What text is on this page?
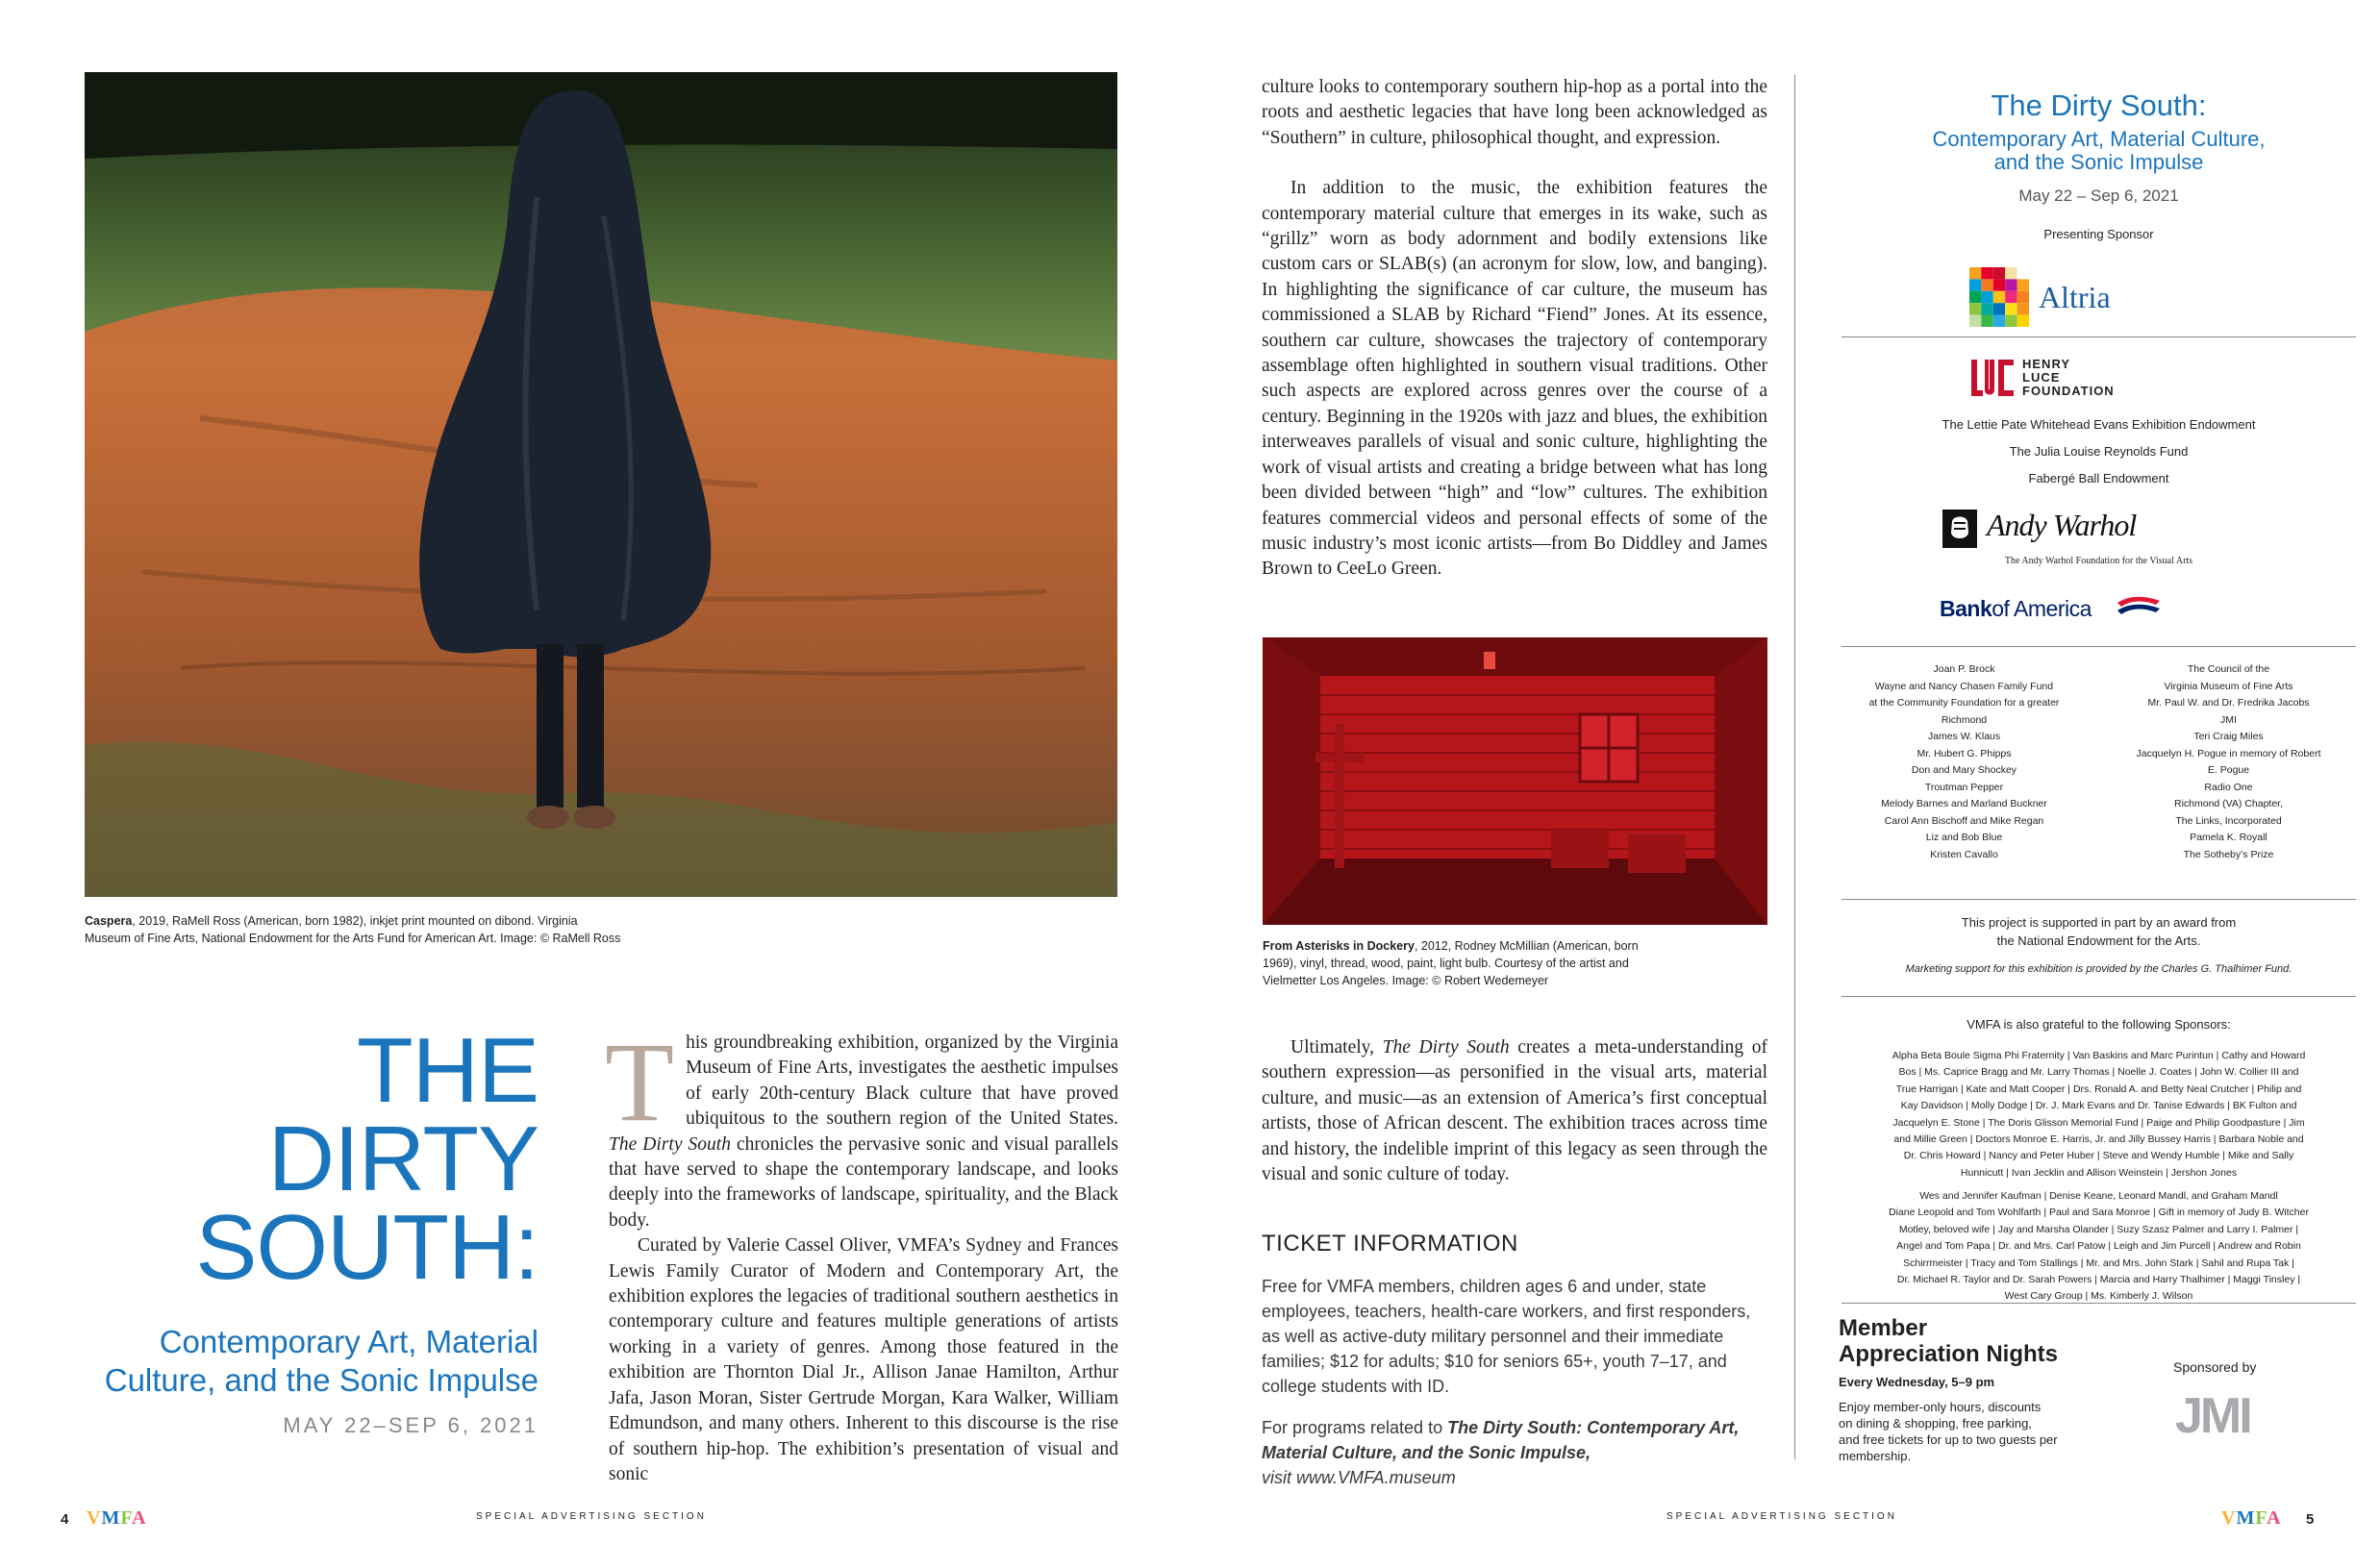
Caspera, 2019, RaMell Ross (American, born 1982), inkjet print mounted on dibond. Virginia
Museum of Fine Arts, National Endowment for the Arts Fund for American Art. Image: © RaMell Ross
THE
DIRTY
SOUTH:
Contemporary Art, Material
Culture, and the Sonic Impulse
MAY 22–SEP 6, 2021

This groundbreaking exhibition, organized by the Virginia Museum of Fine Arts, investigates the aesthetic impulses of early 20th-century Black culture that have proved ubiquitous to the southern region of the United States. The Dirty South chronicles the pervasive sonic and visual parallels that have served to shape the contemporary landscape, and looks deeply into the frameworks of landscape, spirituality, and the Black body.

Curated by Valerie Cassel Oliver, VMFA’s Sydney and Frances Lewis Family Curator of Modern and Contemporary Art, the exhibition explores the legacies of traditional southern aesthetics in contemporary culture and features multiple generations of artists working in a variety of genres. Among those featured in the exhibition are Thornton Dial Jr., Allison Janae Hamilton, Arthur Jafa, Jason Moran, Sister Gertrude Morgan, Kara Walker, William Edmundson, and many others. Inherent to this discourse is the rise of southern hip-hop. The exhibition’s presentation of visual and sonic

culture looks to contemporary southern hip-hop as a portal into the roots and aesthetic legacies that have long been acknowledged as “Southern” in culture, philosophical thought, and expression.

In addition to the music, the exhibition features the contemporary material culture that emerges in its wake, such as “grillz” worn as body adornment and bodily extensions like custom cars or SLAB(s) (an acronym for slow, low, and banging). In highlighting the significance of car culture, the museum has commissioned a SLAB by Richard “Fiend” Jones. At its essence, southern car culture, showcases the trajectory of contemporary assemblage often highlighted in southern visual traditions. Other such aspects are explored across genres over the course of a century. Beginning in the 1920s with jazz and blues, the exhibition interweaves parallels of visual and sonic culture, highlighting the work of visual artists and creating a bridge between what has long been divided between “high” and “low” cultures. The exhibition features commercial videos and personal effects of some of the music industry’s most iconic artists—from Bo Diddley and James Brown to CeeLo Green.

From Asterisks in Dockery, 2012, Rodney McMillian (American, born
1969), vinyl, thread, wood, paint, light bulb. Courtesy of the artist and
Vielmetter Los Angeles. Image: © Robert Wedemeyer

Ultimately, The Dirty South creates a meta-understanding of southern expression—as personified in the visual arts, material culture, and music—as an extension of America’s first conceptual artists, those of African descent. The exhibition traces across time and history, the indelible imprint of this legacy as seen through the visual and sonic culture of today.

TICKET INFORMATION
Free for VMFA members, children ages 6 and under, state employees, teachers, health-care workers, and first responders, as well as active-duty military personnel and their immediate families; $12 for adults; $10 for seniors 65+, youth 7–17, and college students with ID.
For programs related to The Dirty South: Contemporary Art, Material Culture, and the Sonic Impulse,
visit www.VMFA.museum
The Dirty South:
Contemporary Art, Material Culture,
and the Sonic Impulse
May 22 – Sep 6, 2021
Presenting Sponsor
Altria
HENRY
LUCE
FOUNDATION
The Lettie Pate Whitehead Evans Exhibition Endowment
The Julia Louise Reynolds Fund
Fabergé Ball Endowment
Andy Warhol
The Andy Warhol Foundation for the Visual Arts
Bankof America
Joan P. Brock
Wayne and Nancy Chasen Family Fund
at the Community Foundation for a greater
Richmond
James W. Klaus
Mr. Hubert G. Phipps
Don and Mary Shockey
Troutman Pepper
Melody Barnes and Marland Buckner
Carol Ann Bischoff and Mike Regan
Liz and Bob Blue
Kristen Cavallo
The Council of the
Virginia Museum of Fine Arts
Mr. Paul W. and Dr. Fredrika Jacobs
JMI
Teri Craig Miles
Jacquelyn H. Pogue in memory of Robert
E. Pogue
Radio One
Richmond (VA) Chapter,
The Links, Incorporated
Pamela K. Royall
The Sotheby’s Prize
This project is supported in part by an award from
the National Endowment for the Arts.
Marketing support for this exhibition is provided by the Charles G. Thalhimer Fund.
VMFA is also grateful to the following Sponsors:
Alpha Beta Boule Sigma Phi Fraternity | Van Baskins and Marc Purintun | Cathy and Howard
Bos | Ms. Caprice Bragg and Mr. Larry Thomas | Noelle J. Coates | John W. Collier III and
True Harrigan | Kate and Matt Cooper | Drs. Ronald A. and Betty Neal Crutcher | Philip and
Kay Davidson | Molly Dodge | Dr. J. Mark Evans and Dr. Tanise Edwards | BK Fulton and
Jacquelyn E. Stone | The Doris Glisson Memorial Fund | Paige and Philip Goodpasture | Jim
and Millie Green | Doctors Monroe E. Harris, Jr. and Jilly Bussey Harris | Barbara Noble and
Dr. Chris Howard | Nancy and Peter Huber | Steve and Wendy Humble | Mike and Sally
Hunnicutt | Ivan Jecklin and Allison Weinstein | Jershon Jones
Wes and Jennifer Kaufman | Denise Keane, Leonard Mandl, and Graham Mandl
Diane Leopold and Tom Wohlfarth | Paul and Sara Monroe | Gift in memory of Judy B. Witcher
Motley, beloved wife | Jay and Marsha Olander | Suzy Szasz Palmer and Larry I. Palmer |
Angel and Tom Papa | Dr. and Mrs. Carl Patow | Leigh and Jim Purcell | Andrew and Robin
Schirrmeister | Tracy and Tom Stallings | Mr. and Mrs. John Stark | Sahil and Rupa Tak |
Dr. Michael R. Taylor and Dr. Sarah Powers | Marcia and Harry Thalhimer | Maggi Tinsley |
West Cary Group | Ms. Kimberly J. Wilson
Member
Appreciation Nights
Every Wednesday, 5–9 pm
Enjoy member-only hours, discounts
on dining & shopping, free parking,
and free tickets for up to two guests per
membership.
Sponsored by
JMI
4 VMFA	SPECIAL ADVERTISING SECTION	SPECIAL ADVERTISING SECTION	VMFA 5
